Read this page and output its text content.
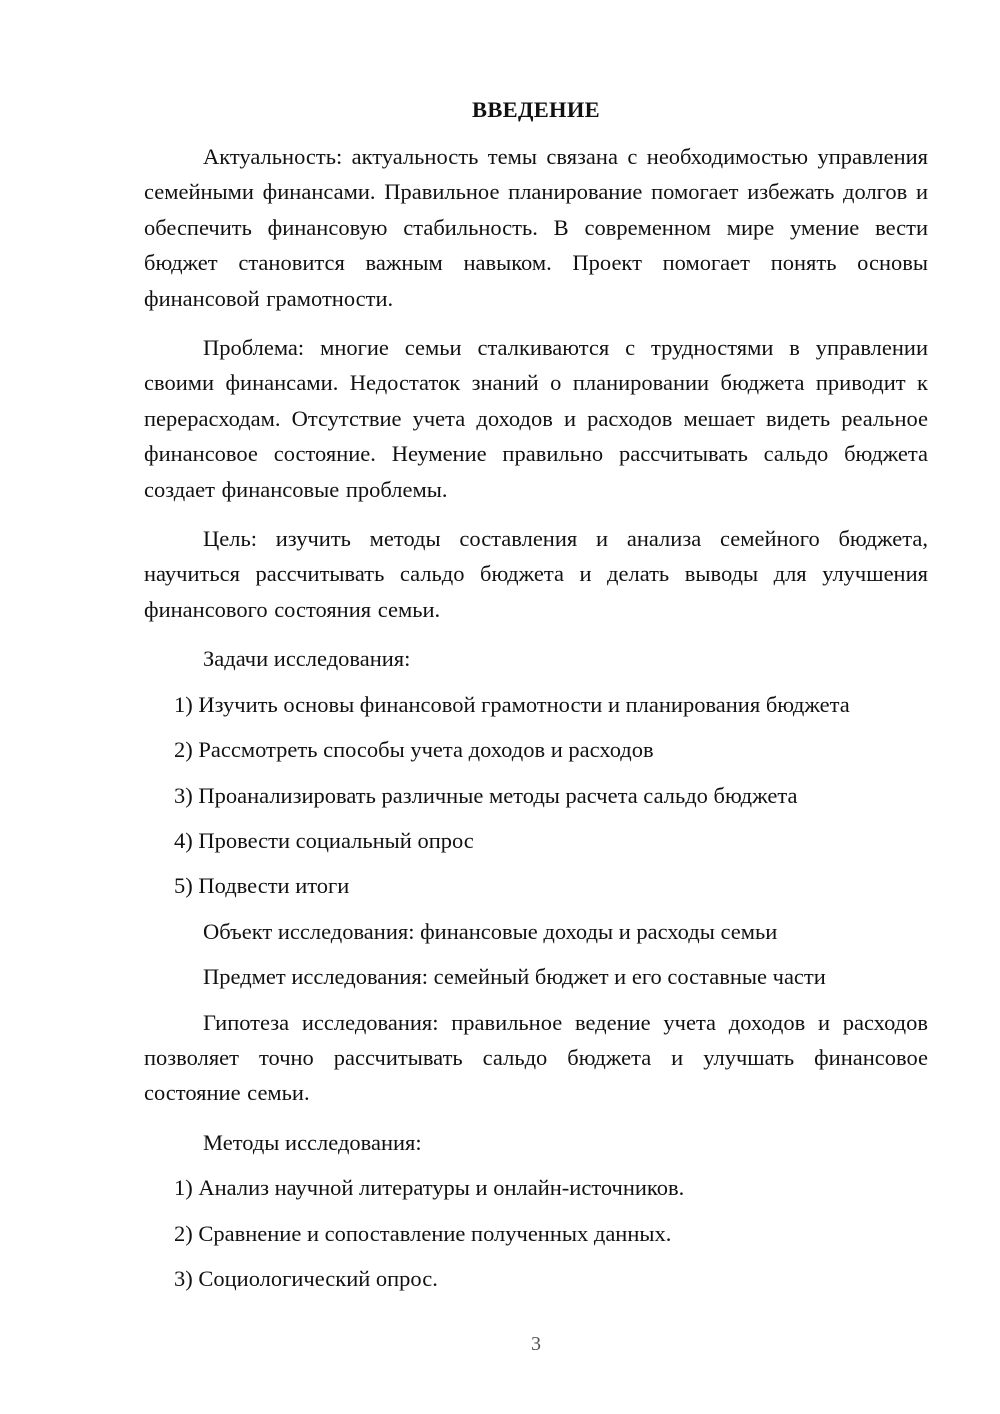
ВВЕДЕНИЕ

Актуальность: актуальность темы связана с необходимостью управления семейными финансами. Правильное планирование помогает избежать долгов и обеспечить финансовую стабильность. В современном мире умение вести бюджет становится важным навыком. Проект помогает понять основы финансовой грамотности.

Проблема: многие семьи сталкиваются с трудностями в управлении своими финансами. Недостаток знаний о планировании бюджета приводит к перерасходам. Отсутствие учета доходов и расходов мешает видеть реальное финансовое состояние. Неумение правильно рассчитывать сальдо бюджета создает финансовые проблемы.

Цель: изучить методы составления и анализа семейного бюджета, научиться рассчитывать сальдо бюджета и делать выводы для улучшения финансового состояния семьи.

Задачи исследования:

1) Изучить основы финансовой грамотности и планирования бюджета

2) Рассмотреть способы учета доходов и расходов

3) Проанализировать различные методы расчета сальдо бюджета

4) Провести социальный опрос

5) Подвести итоги

Объект исследования: финансовые доходы и расходы семьи

Предмет исследования: семейный бюджет и его составные части

Гипотеза исследования: правильное ведение учета доходов и расходов позволяет точно рассчитывать сальдо бюджета и улучшать финансовое состояние семьи.

Методы исследования:

1) Анализ научной литературы и онлайн-источников.

2) Сравнение и сопоставление полученных данных.

3) Социологический опрос.

3
